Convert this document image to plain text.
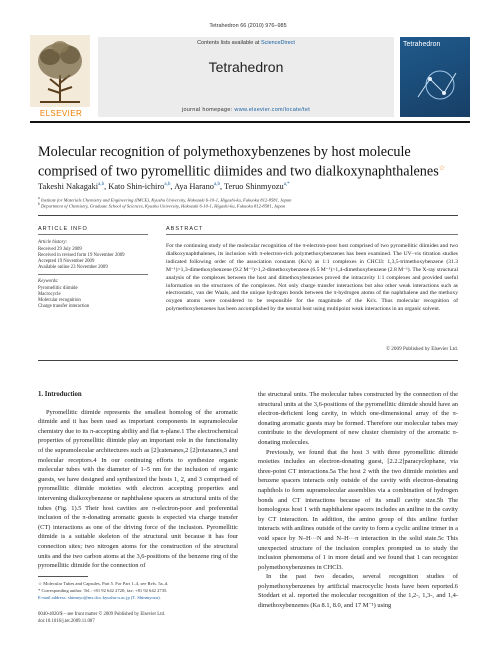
Tetrahedron 66 (2010) 976–985
ELSEVIER
Contents lists available at ScienceDirect
Tetrahedron
journal homepage: www.elsevier.com/locate/tet
Tetrahedron
Molecular recognition of polymethoxybenzenes by host molecule comprised of two pyromellitic diimides and two dialkoxynaphthalenes☆
Takeshi Nakagaki$^{a,b}$, Kato Shin-ichiro$^{a,b}$, Aya Harano$^{a,b}$, Teruo Shinmyozu$^{a,*}$
$^a$ Institute for Materials Chemistry and Engineering (IMCE), Kyushu University, Hakozaki 6-10-1, Higashi-ku, Fukuoka 812-8581, Japan
$^b$ Department of Chemistry, Graduate School of Sciences, Kyushu University, Hakozaki 6-10-1, Higashi-ku, Fukuoka 812-8581, Japan
ARTICLE INFO
Article history:
Received 29 July 2009
Received in revised form 19 November 2009
Accepted 19 November 2009
Available online 23 November 2009
Keywords:
Pyromellitic diimide
Macrocycle
Molecular recognition
Charge transfer interaction
ABSTRACT
For the continuing study of the molecular recognition of the π-electron-poor host comprised of two pyromellitic diimides and two dialkoxynaphthalenes, its inclusion with π-electron-rich polymethoxybenzenes has been examined. The UV–vis titration studies indicated following order of the association constants (Ks's) as 1:1 complexes in CHCl3: 1,3,5-trimethoxybenzene (31.3 M⁻¹)>1,3-dimethoxybenzene (9.2 M⁻¹)>1,2-dimethoxybenzene (6.5 M⁻¹)>1,4-dimethoxybenzene (2.8 M⁻¹). The X-ray structural analysis of the complexes between the host and dimethoxybenzenes proved the intracavity 1:1 complexes and provided useful information on the structures of the complexes. Not only charge transfer interactions but also other weak interactions such as electrostatic, van der Waals, and the unique hydrogen bonds between the π-hydrogen atoms of the naphthalene and the methoxy oxygen atoms were considered to be responsible for the magnitude of the Ks's. Thus molecular recognition of polymethoxybenzenes has been accomplished by the neutral host using multipoint weak interactions in an organic solvent.
© 2009 Published by Elsevier Ltd.

1. Introduction

Pyromellitic diimide represents the smallest homolog of the aromatic diimide and it has been used as important components in supramolecular chemistry due to its π-accepting ability and flat π-plane.1 The electrochemical properties of pyromellitic diimide play an important role in the functionality of the supramolecular architectures such as [2]catenanes,2 [2]rotaxanes,3 and molecular receptors.4 In our continuing efforts to synthesize organic molecular tubes with the diameter of 1–5 nm for the inclusion of organic guests, we have designed and synthesized the hosts 1, 2, and 3 comprised of pyromellitic diimide moieties with electron accepting properties and intervening dialkoxybenzene or naphthalene spacers as structural units of the tubes (Fig. 1).5 Their host cavities are π-electron-poor and preferential inclusion of the π-donating aromatic guests is expected via charge transfer (CT) interactions as one of the driving force of the inclusion. Pyromellitic diimide is a suitable skeleton of the structural unit because it has four connection sites; two nitrogen atoms for the construction of the structural units and the two carbon atoms at the 3,6-positions of the benzene ring of the pyromellitic diimide for the connection of

the structural units. The molecular tubes constructed by the connection of the structural units at the 3,6-positions of the pyromellitic diimide should have an electron-deficient long cavity, in which one-dimensional array of the π-donating aromatic guests may be formed. Therefore our molecular tubes may contribute to the development of new cluster chemistry of the aromatic π-donating molecules.

Previously, we found that the host 3 with three pyromellitic diimide moieties includes an electron-donating guest, [2.2.2]paracyclophane, via three-point CT interactions.5a The host 2 with the two diimide moieties and benzene spacers interacts only outside of the cavity with electron-donating naphthols to form supramolecular assemblies via a combination of hydrogen bonds and CT interactions because of its small cavity size.5b The homologous host 1 with naphthalene spacers includes an aniline in the cavity by CT interaction. In addition, the amino group of this aniline further interacts with anilines outside of the cavity to form a cyclic aniline trimer in a void space by N–H···N and N–H···π interaction in the solid state.5c This unexpected structure of the inclusion complex prompted us to study the inclusion phenomena of 1 in more detail and we found that 1 can recognize polymethoxybenzenes in CHCl3.

In the past two decades, several recognition studies of polymethoxybenzenes by artificial macrocyclic hosts have been reported.6 Stoddart et al. reported the molecular recognition of the 1,2-, 1,3-, and 1,4-dimethoxybenzenes (Ka 8.1, 8.0, and 17 M⁻¹) using

☆ Molecular Tubes and Capsules, Part 5. For Part 1–4, see Refs. 5a–d.
* Corresponding author. Tel.: +81 92 642 2720; fax: +81 92 642 2735.
E-mail address: shinmyo@ms.ifoc.kyushu-u.ac.jp (T. Shinmyozu).
0040-4020/$ – see front matter © 2009 Published by Elsevier Ltd.
doi:10.1016/j.tet.2009.11.087
